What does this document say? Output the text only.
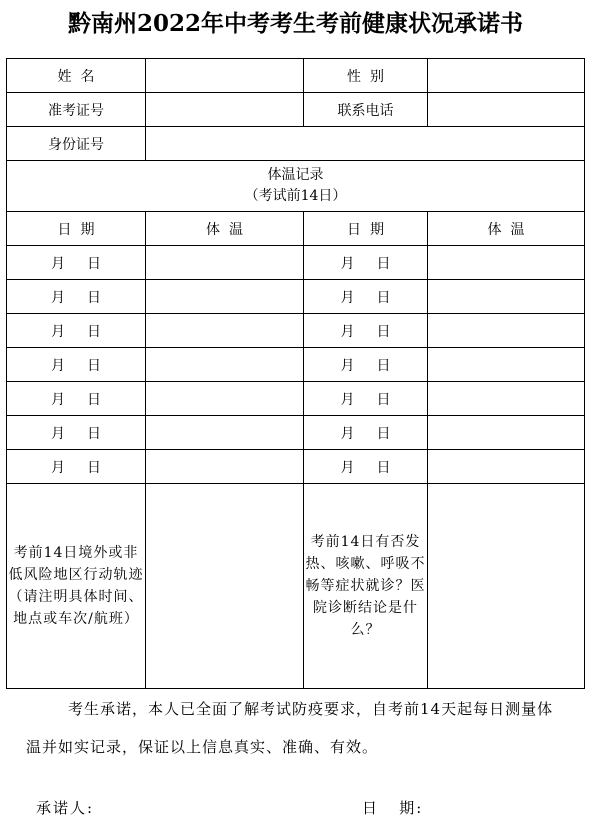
黔南州2022年中考考生考前健康状况承诺书
姓  名		性  别	
准考证号		联系电话	
身份证号			

体温记录
（考试前14日）			

日  期	体  温	日  期	体  温
月 日		月 日	
月 日		月 日	
月 日		月 日	
月 日		月 日	
月 日		月 日	
月 日		月 日	
月 日		月 日	
考前14日境外或非低风险地区行动轨迹（请注明具体时间、地点或车次/航班）		考前14日有否发热、咳嗽、呼吸不畅等症状就诊？医院诊断结论是什么？	
考生承诺，本人已全面了解考试防疫要求，自考前14天起每日测量体温并如实记录，保证以上信息真实、准确、有效。
承诺人:	日   期:
